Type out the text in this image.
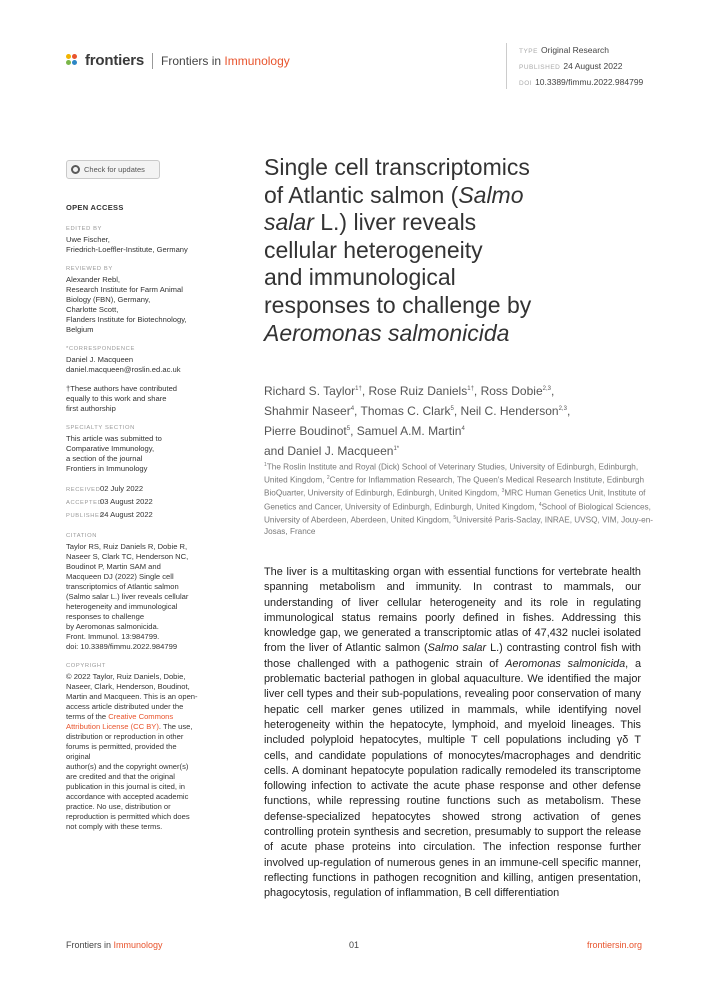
frontiers Frontiers in Immunology
TYPE Original Research
PUBLISHED 24 August 2022
DOI 10.3389/fimmu.2022.984799
Check for updates
OPEN ACCESS
EDITED BY
Uwe Fischer,
Friedrich-Loeffler-Institute, Germany
REVIEWED BY
Alexander Rebl,
Research Institute for Farm Animal
Biology (FBN), Germany,
Charlotte Scott,
Flanders Institute for Biotechnology,
Belgium
*CORRESPONDENCE
Daniel J. Macqueen
daniel.macqueen@roslin.ed.ac.uk
†These authors have contributed
equally to this work and share
first authorship
SPECIALTY SECTION
This article was submitted to
Comparative Immunology,
a section of the journal
Frontiers in Immunology
RECEIVED02 July 2022
ACCEPTED03 August 2022
PUBLISHED24 August 2022
CITATION
Taylor RS, Ruiz Daniels R, Dobie R,
Naseer S, Clark TC, Henderson NC,
Boudinot P, Martin SAM and
Macqueen DJ (2022) Single cell
transcriptomics of Atlantic salmon
(Salmo salar L.) liver reveals cellular
heterogeneity and immunological
responses to challenge
by Aeromonas salmonicida.
Front. Immunol. 13:984799.
doi: 10.3389/fimmu.2022.984799
COPYRIGHT
© 2022 Taylor, Ruiz Daniels, Dobie,
Naseer, Clark, Henderson, Boudinot,
Martin and Macqueen. This is an open-
access article distributed under the
terms of the Creative Commons
Attribution License (CC BY). The use,
distribution or reproduction in other
forums is permitted, provided the
original
author(s) and the copyright owner(s)
are credited and that the original
publication in this journal is cited, in
accordance with accepted academic
practice. No use, distribution or
reproduction is permitted which does
not comply with these terms.
Single cell transcriptomics
of Atlantic salmon (Salmo
salar L.) liver reveals
cellular heterogeneity
and immunological
responses to challenge by
Aeromonas salmonicida
Richard S. Taylor$^{1\dagger}$, Rose Ruiz Daniels$^{1\dagger}$, Ross Dobie$^{2,3}$,
Shahmir Naseer$^4$, Thomas C. Clark$^5$, Neil C. Henderson$^{2,3}$,
Pierre Boudinot$^5$, Samuel A.M. Martin$^4$
and Daniel J. Macqueen$^{1*}$
$^1$The Roslin Institute and Royal (Dick) School of Veterinary Studies, University of Edinburgh, Edinburgh, United Kingdom, $^2$Centre for Inflammation Research, The Queen's Medical Research Institute, Edinburgh BioQuarter, University of Edinburgh, Edinburgh, United Kingdom, $^3$MRC Human Genetics Unit, Institute of Genetics and Cancer, University of Edinburgh, Edinburgh, United Kingdom, $^4$School of Biological Sciences, University of Aberdeen, Aberdeen, United Kingdom, $^5$Université Paris-Saclay, INRAE, UVSQ, VIM, Jouy-en-Josas, France
The liver is a multitasking organ with essential functions for vertebrate health spanning metabolism and immunity. In contrast to mammals, our understanding of liver cellular heterogeneity and its role in regulating immunological status remains poorly defined in fishes. Addressing this knowledge gap, we generated a transcriptomic atlas of 47,432 nuclei isolated from the liver of Atlantic salmon (Salmo salar L.) contrasting control fish with those challenged with a pathogenic strain of Aeromonas salmonicida, a problematic bacterial pathogen in global aquaculture. We identified the major liver cell types and their sub-populations, revealing poor conservation of many hepatic cell marker genes utilized in mammals, while identifying novel heterogeneity within the hepatocyte, lymphoid, and myeloid lineages. This included polyploid hepatocytes, multiple T cell populations including γδ T cells, and candidate populations of monocytes/macrophages and dendritic cells. A dominant hepatocyte population radically remodeled its transcriptome following infection to activate the acute phase response and other defense functions, while repressing routine functions such as metabolism. These defense-specialized hepatocytes showed strong activation of genes controlling protein synthesis and secretion, presumably to support the release of acute phase proteins into circulation. The infection response further involved up-regulation of numerous genes in an immune-cell specific manner, reflecting functions in pathogen recognition and killing, antigen presentation, phagocytosis, regulation of inflammation, B cell differentiation
Frontiers in Immunology	01	frontiersin.org
